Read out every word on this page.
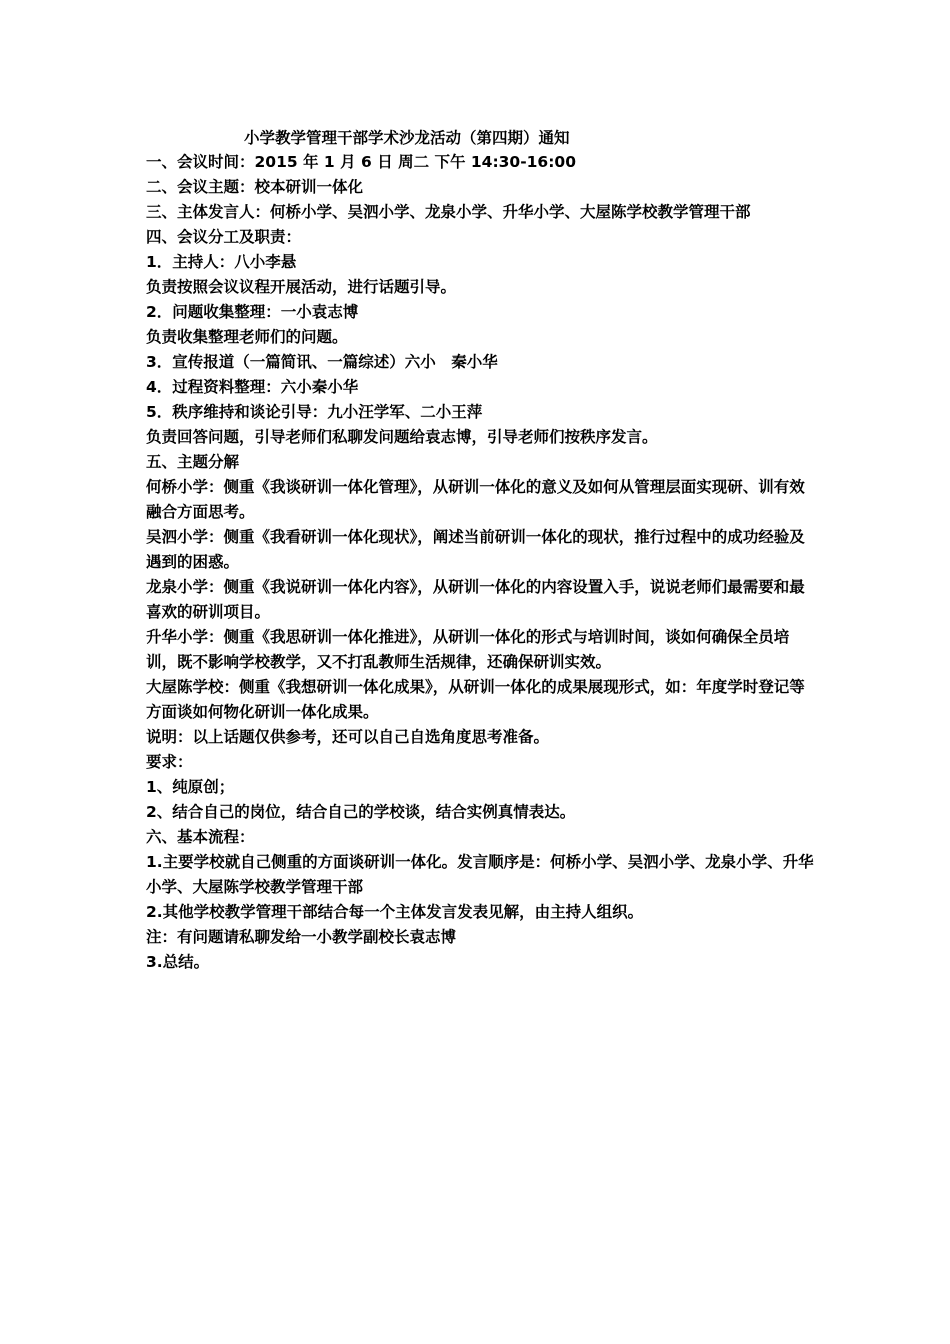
小学教学管理干部学术沙龙活动（第四期）通知

一、会议时间：2015 年 1 月 6 日 周二 下午 14:30-16:00

二、会议主题：校本研训一体化

三、主体发言人：何桥小学、吴泗小学、龙泉小学、升华小学、大屋陈学校教学管理干部

四、会议分工及职责：

1．主持人：八小李悬

负责按照会议议程开展活动，进行话题引导。

2．问题收集整理：一小袁志博

负责收集整理老师们的问题。

3．宣传报道（一篇简讯、一篇综述）六小　秦小华

4．过程资料整理：六小秦小华

5．秩序维持和谈论引导：九小汪学军、二小王萍

负责回答问题，引导老师们私聊发问题给袁志博，引导老师们按秩序发言。

五、主题分解

何桥小学：侧重《我谈研训一体化管理》，从研训一体化的意义及如何从管理层面实现研、训有效融合方面思考。

吴泗小学：侧重《我看研训一体化现状》，阐述当前研训一体化的现状，推行过程中的成功经验及遇到的困惑。

龙泉小学：侧重《我说研训一体化内容》，从研训一体化的内容设置入手，说说老师们最需要和最喜欢的研训项目。

升华小学：侧重《我思研训一体化推进》，从研训一体化的形式与培训时间，谈如何确保全员培训，既不影响学校教学，又不打乱教师生活规律，还确保研训实效。

大屋陈学校：侧重《我想研训一体化成果》，从研训一体化的成果展现形式，如：年度学时登记等方面谈如何物化研训一体化成果。

说明：以上话题仅供参考，还可以自己自选角度思考准备。

要求：

1、纯原创；

2、结合自己的岗位，结合自己的学校谈，结合实例真情表达。

六、基本流程：

1.主要学校就自己侧重的方面谈研训一体化。发言顺序是：何桥小学、吴泗小学、龙泉小学、升华小学、大屋陈学校教学管理干部

2.其他学校教学管理干部结合每一个主体发言发表见解，由主持人组织。

注：有问题请私聊发给一小教学副校长袁志博

3.总结。
